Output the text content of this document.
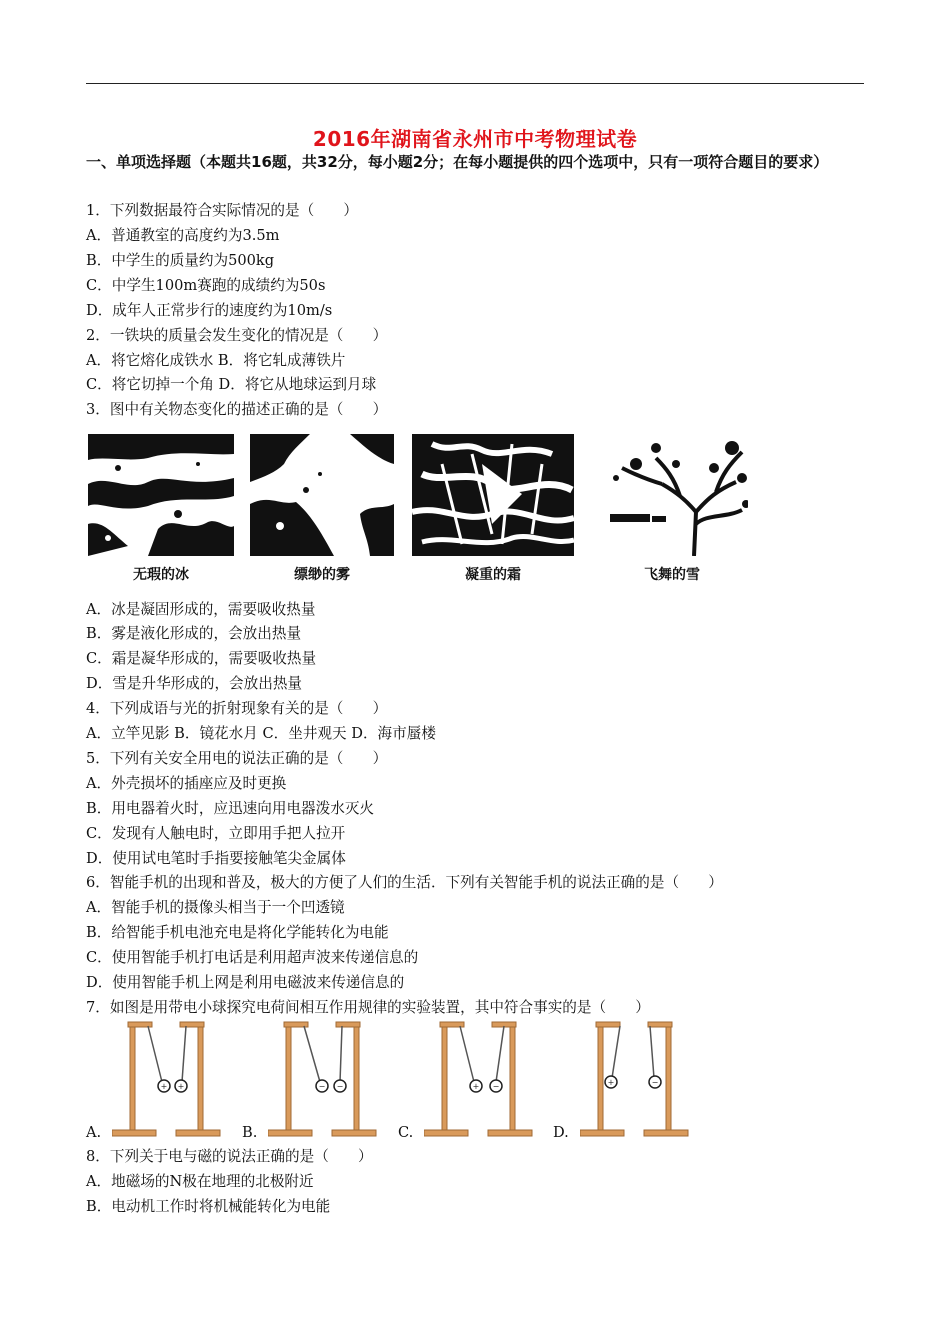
2016年湖南省永州市中考物理试卷
一、单项选择题（本题共16题，共32分，每小题2分；在每小题提供的四个选项中，只有一项符合题目的要求）
1．下列数据最符合实际情况的是（　　）
A．普通教室的高度约为3.5m
B．中学生的质量约为500kg
C．中学生100m赛跑的成绩约为50s
D．成年人正常步行的速度约为10m/s
2．一铁块的质量会发生变化的情况是（　　）
A．将它熔化成铁水 B．将它轧成薄铁片
C．将它切掉一个角 D．将它从地球运到月球
3．图中有关物态变化的描述正确的是（　　）
无瑕的冰	缥缈的雾	凝重的霜	飞舞的雪
A．冰是凝固形成的，需要吸收热量
B．雾是液化形成的，会放出热量
C．霜是凝华形成的，需要吸收热量
D．雪是升华形成的，会放出热量
4．下列成语与光的折射现象有关的是（　　）
A．立竿见影 B．镜花水月 C．坐井观天 D．海市蜃楼
5．下列有关安全用电的说法正确的是（　　）
A．外壳损坏的插座应及时更换
B．用电器着火时，应迅速向用电器泼水灭火
C．发现有人触电时，立即用手把人拉开
D．使用试电笔时手指要接触笔尖金属体
6．智能手机的出现和普及，极大的方便了人们的生活．下列有关智能手机的说法正确的是（　　）
A．智能手机的摄像头相当于一个凹透镜
B．给智能手机电池充电是将化学能转化为电能
C．使用智能手机打电话是利用超声波来传递信息的
D．使用智能手机上网是利用电磁波来传递信息的
7．如图是用带电小球探究电荷间相互作用规律的实验装置，其中符合事实的是（　　）
A.
+ +
B.
− −
C.
+ −
D.
+	−
8．下列关于电与磁的说法正确的是（　　）
A．地磁场的N极在地理的北极附近
B．电动机工作时将机械能转化为电能
